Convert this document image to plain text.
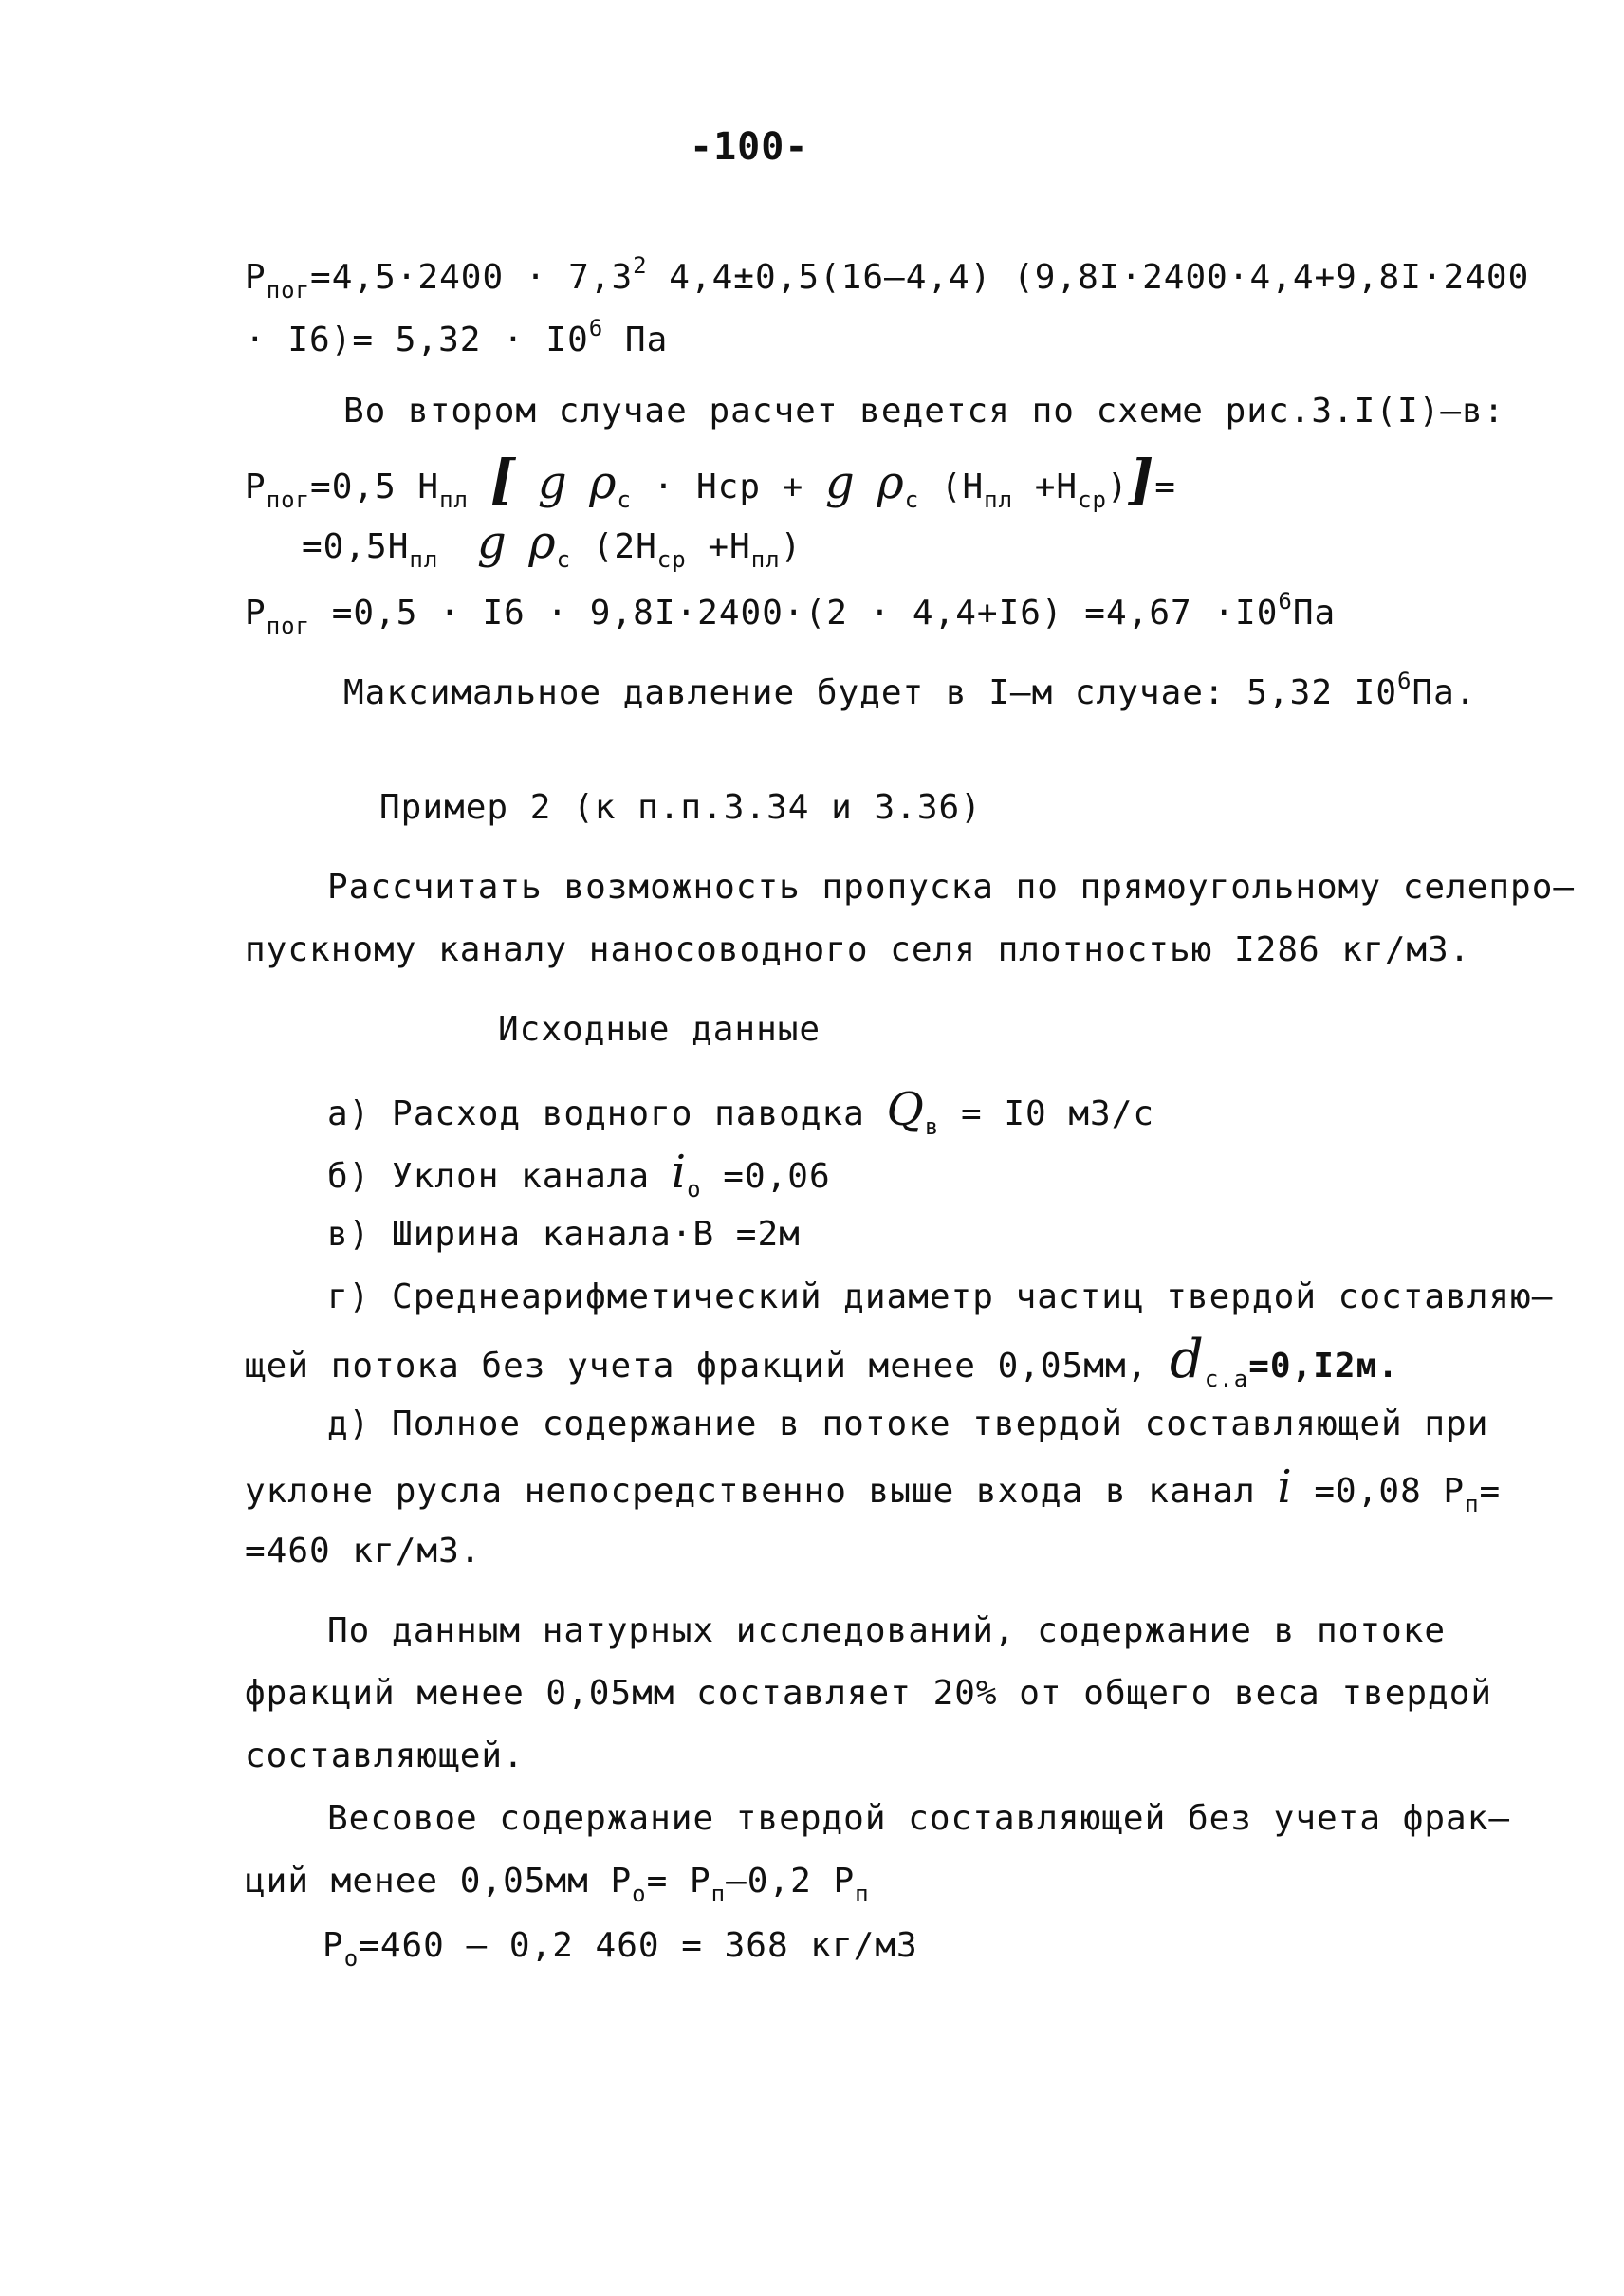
-100-
$P_{пог}=4,5\cdot 2400 \cdot 7,3^2$ 4,4±0,5(16–4,4) (9,8I·2400·4,4+9,8I·2400
· $I6)= 5,32 \cdot I0^6$ Па
Во втором случае расчет ведется по схеме рис.3.I(I)–в:
$P_{пог}=0,5$ $H_{пл}$ [ g $\rho_c$ · Hср + g $\rho_c$ $(H_{пл} +H_{ср})]=$
$=0,5H_{пл}$ g $\rho_c$ $(2H_{ср} +H_{пл})$
$P_{пог} =0,5 \cdot I6 \cdot 9,8I\cdot 2400\cdot(2 \cdot 4,4+I6) =4,67 \cdot I0^6Па$
Максимальное давление будет в I–м случае: 5,32 $I0^6Па$.
Пример 2 (к п.п.3.34 и 3.36)
Рассчитать возможность пропуска по прямоугольному селепро–
пускному каналу наносоводного селя плотностью I286 кг/м3.
Исходные данные
а) Расход водного паводка $Q_в = I0$ м3/с
б) Уклон канала $i_o =0,06$
в) Ширина канала·B =2м
г) Среднеарифметический диаметр частиц твердой составляю–
щей потока без учета фракций менее 0,05мм, $d_{c.a}=0,I2м$.
д) Полное содержание в потоке твердой составляющей при
уклоне русла непосредственно выше входа в канал i =0,08 $P_п=$
=460 кг/м3.
По данным натурных исследований, содержание в потоке
фракций менее 0,05мм составляет 20% от общего веса твердой
составляющей.
Весовое содержание твердой составляющей без учета фрак–
ций менее 0,05мм $P_о= P_п-0,2$ $P_п$
$P_о=460 - 0,2$ 460 = 368 кг/м3
